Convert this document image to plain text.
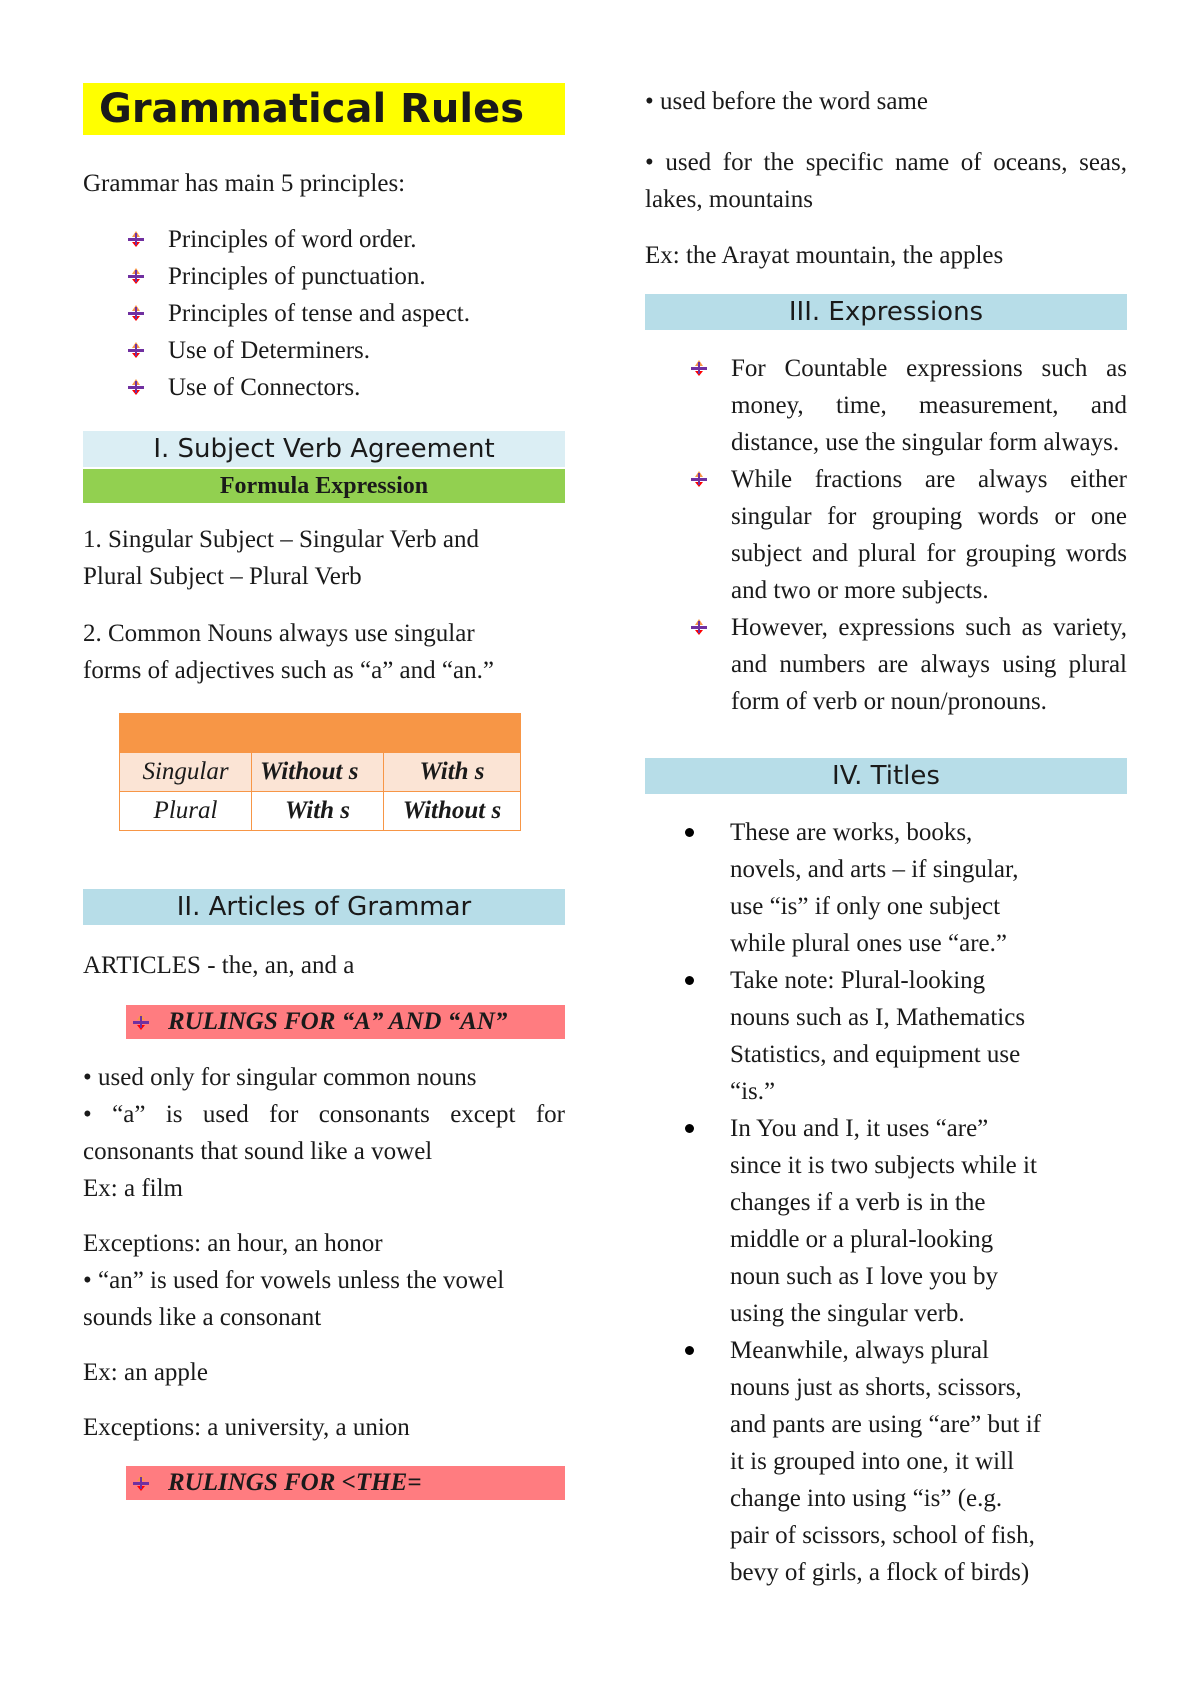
Grammatical Rules

Grammar has main 5 principles:

Principles of word order.
Principles of punctuation.
Principles of tense and aspect.
Use of Determiners.
Use of Connectors.
I. Subject Verb Agreement
Formula Expression

1. Singular Subject – Singular Verb and

Plural Subject – Plural Verb

2. Common Nouns always use singular

forms of adjectives such as “a” and “an.”

Singular	Without s	With s
Plural	With s	Without s
II. Articles of Grammar

ARTICLES - the, an, and a

RULINGS FOR “A” AND “AN”

• used only for singular common nouns

• “a” is used for consonants except for consonants that sound like a vowel

Ex: a film

Exceptions: an hour, an honor

• “an” is used for vowels unless the vowel sounds like a consonant

Ex: an apple

Exceptions: a university, a union

RULINGS FOR <THE=

• used before the word same

• used for the specific name of oceans, seas, lakes, mountains

Ex: the Arayat mountain, the apples

III. Expressions
For Countable expressions such as money, time, measurement, and distance, use the singular form always.
While fractions are always either singular for grouping words or one subject and plural for grouping words and two or more subjects.
However, expressions such as variety, and numbers are always using plural form of verb or noun/pronouns.
IV. Titles
These are works, books, novels, and arts – if singular, use “is” if only one subject while plural ones use “are.”
Take note: Plural-looking nouns such as I, Mathematics Statistics, and equipment use “is.”
In You and I, it uses “are” since it is two subjects while it changes if a verb is in the middle or a plural-looking noun such as I love you by using the singular verb.
Meanwhile, always plural nouns just as shorts, scissors, and pants are using “are” but if it is grouped into one, it will change into using “is” (e.g. pair of scissors, school of fish, bevy of girls, a flock of birds)
